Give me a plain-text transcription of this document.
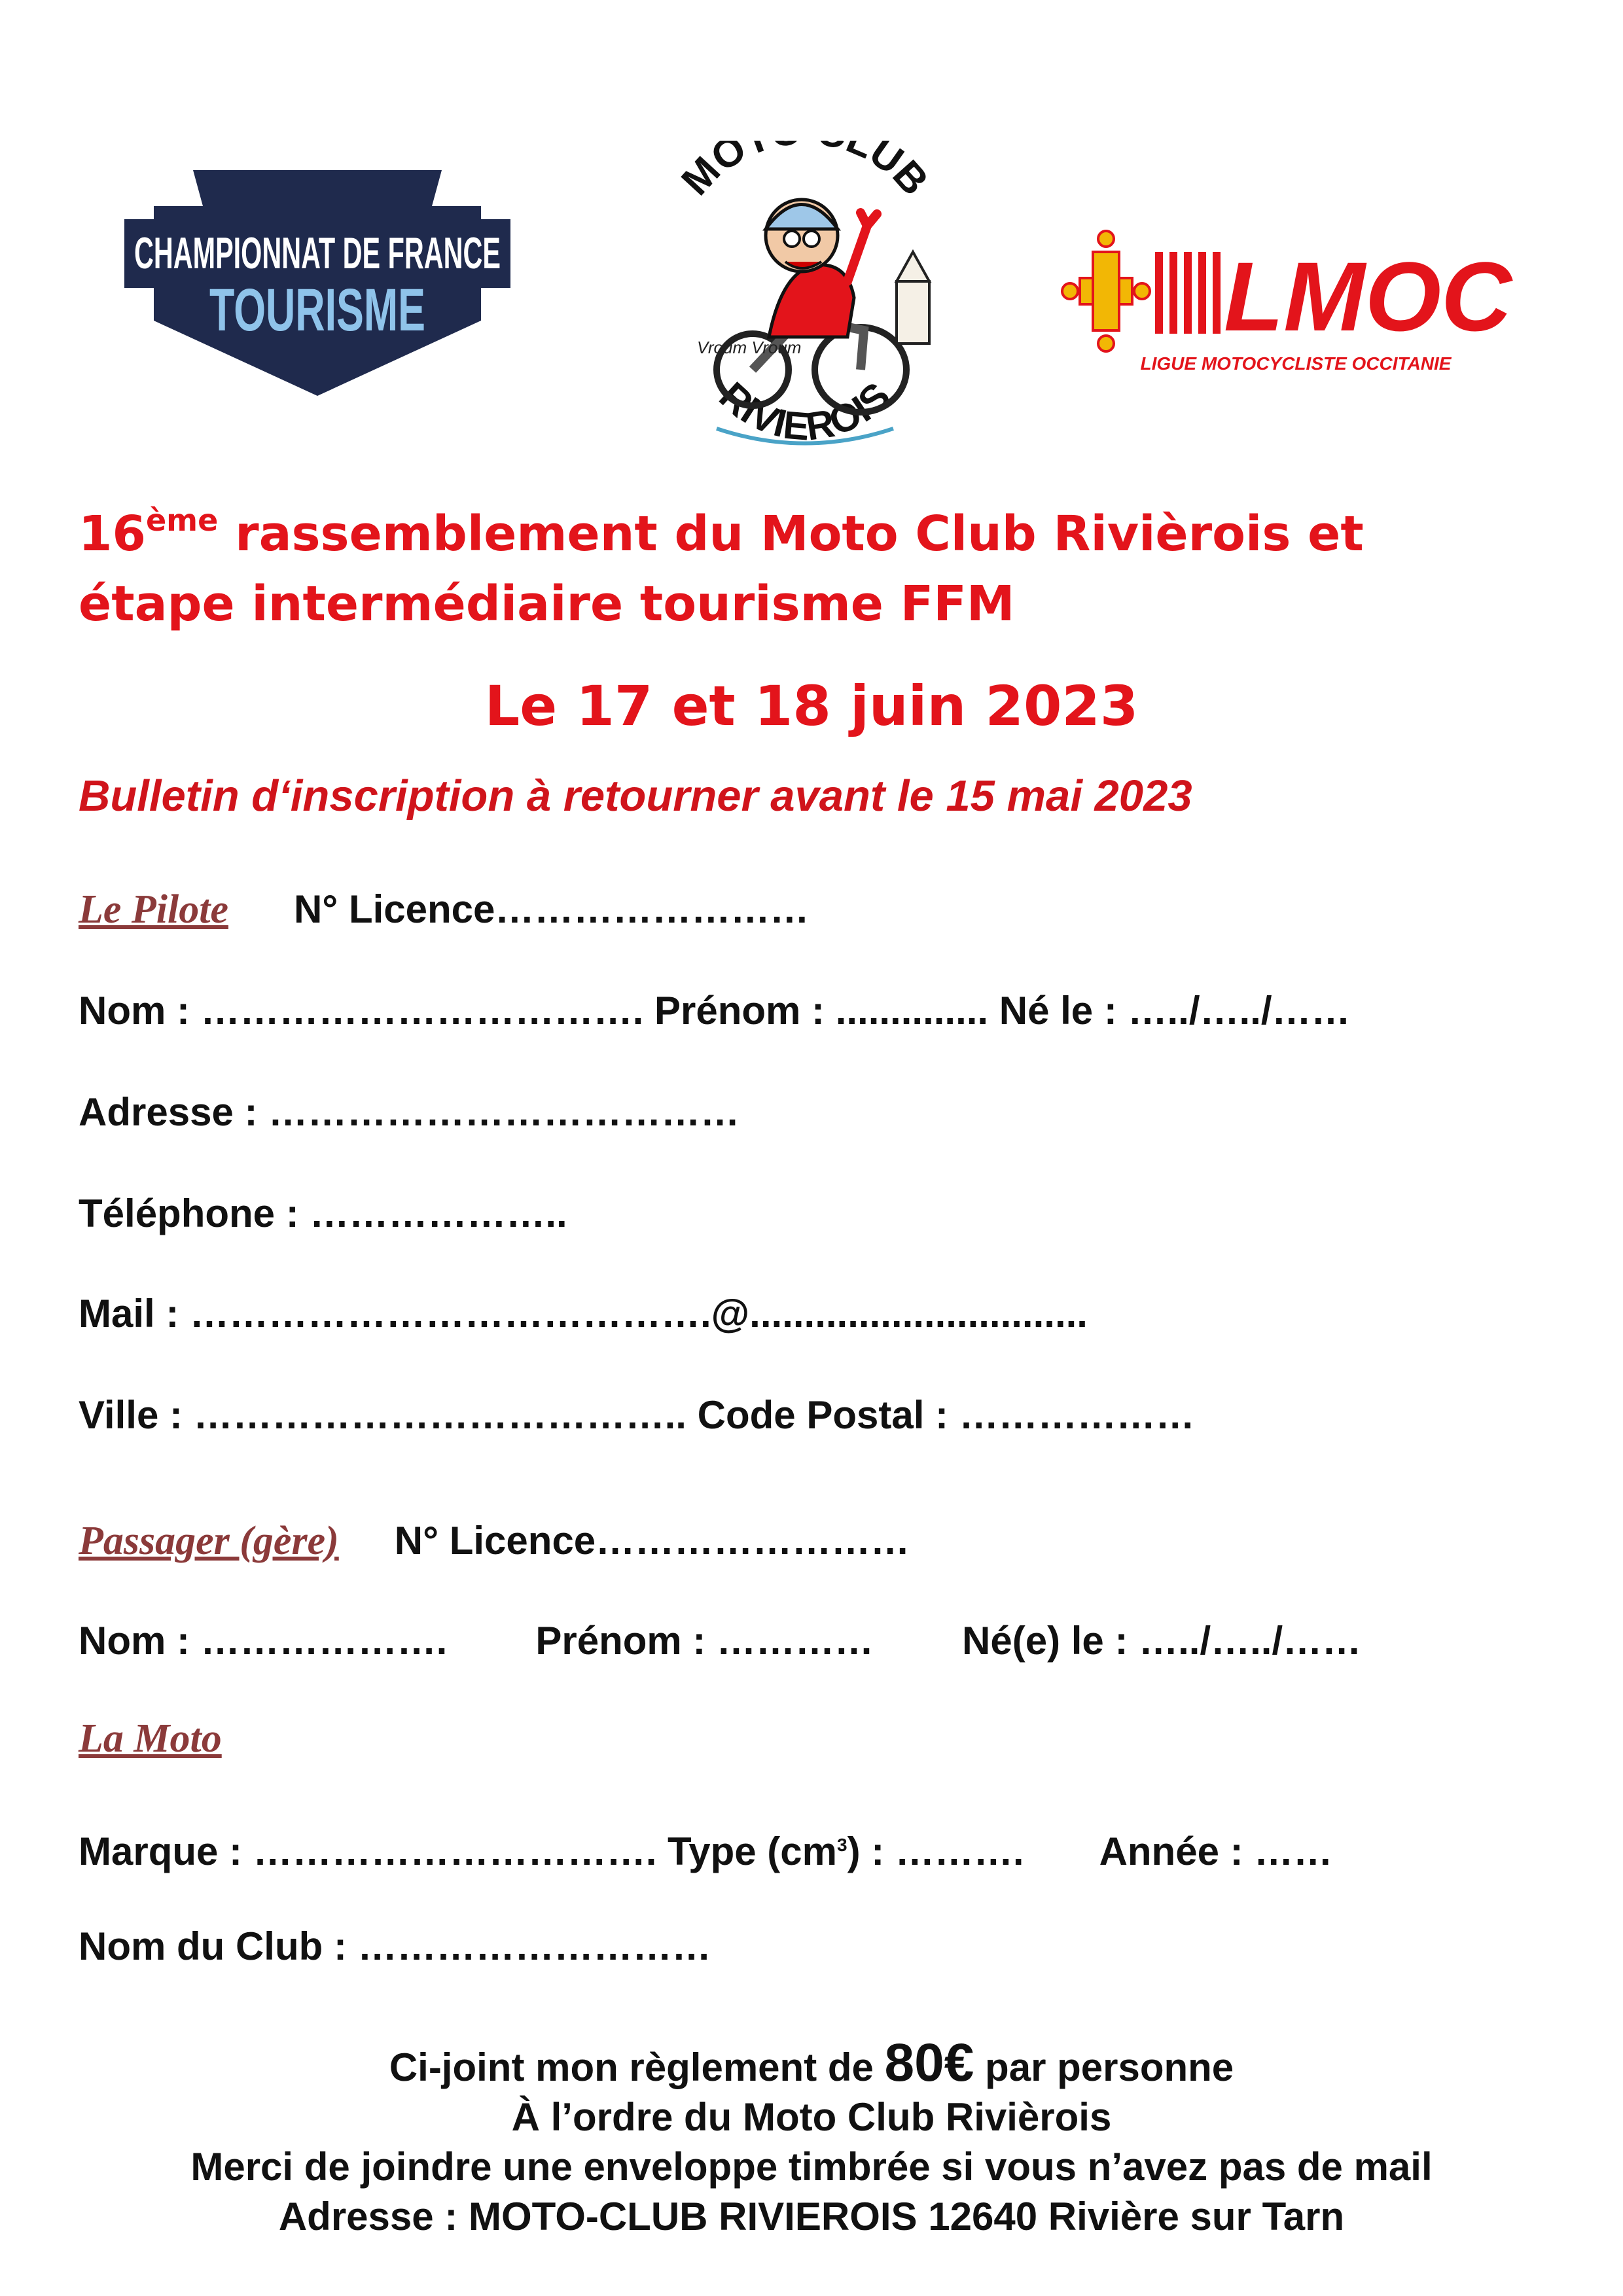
CHAMPIONNAT DE FRANCE
TOURISME
MO LUB
RIVIEROIS
Vroum Vroum	LMOC
LIGUE MOTOCYCLISTE OCCITANIE
16ème rassemblement du Moto Club Rivièrois et
étape intermédiaire tourisme FFM
Le 17 et 18 juin 2023
Bulletin d‘inscription à retourner avant le 15 mai 2023
Le Pilote N° Licence……………………
Nom : ……………………………. Prénom : .............. Né le : …../…../……
Adresse : ………………………………
Téléphone : ………………..
Mail : ………………………………….@...............................
Ville : ……………………………….. Code Postal : ………………
Passager (gère) N° Licence……………………
Nom : ………………. Prénom : ………… Né(e) le : …../…../……
La Moto
Marque : …………………………. Type $(cm^3)$ : ………. Année : ……
Nom du Club : ………………………
Ci-joint mon règlement de 80€ par personne
À l’ordre du Moto Club Rivièrois
Merci de joindre une enveloppe timbrée si vous n’avez pas de mail
Adresse : MOTO-CLUB RIVIEROIS 12640 Rivière sur Tarn
